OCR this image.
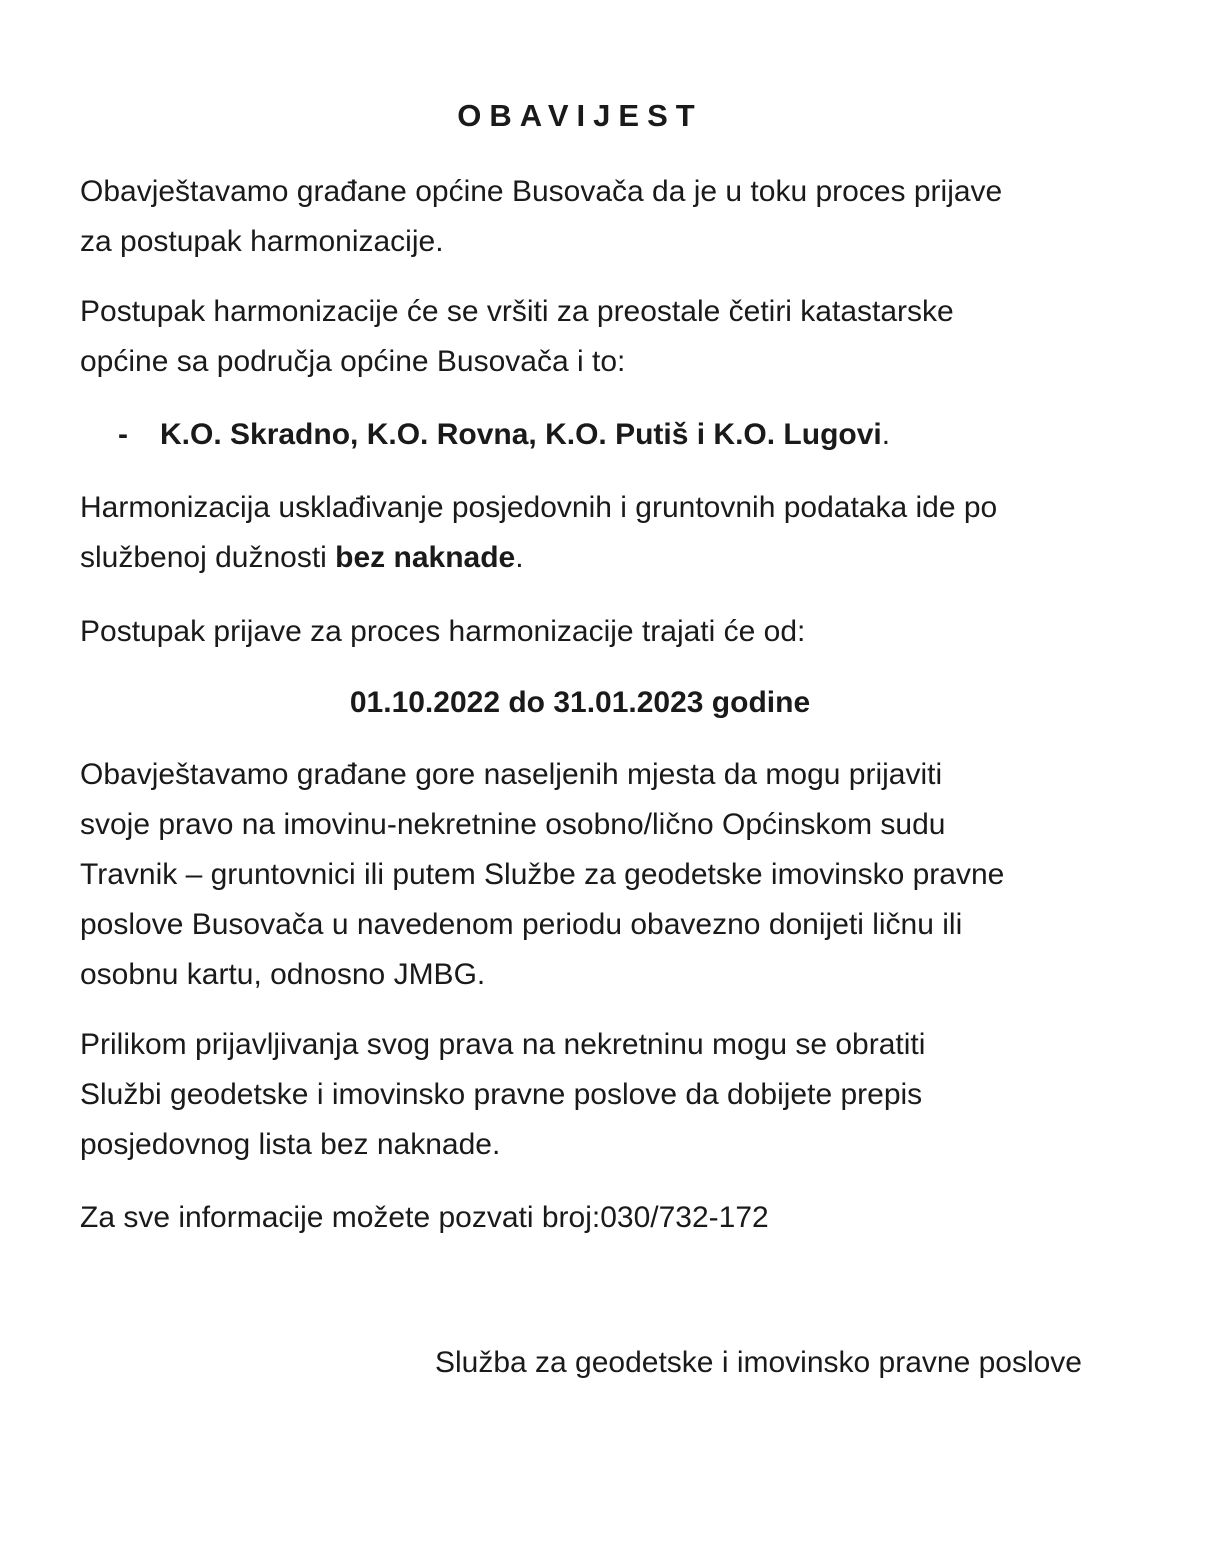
OBAVIJEST
Obavještavamo građane općine Busovača da je u toku proces prijave
za postupak harmonizacije.
Postupak harmonizacije će se vršiti za preostale četiri katastarske
općine sa područja općine Busovača i to:
- K.O. Skradno, K.O. Rovna, K.O. Putiš i K.O. Lugovi.
Harmonizacija usklađivanje posjedovnih i gruntovnih podataka ide po
službenoj dužnosti bez naknade.
Postupak prijave za proces harmonizacije trajati će od:
01.10.2022 do 31.01.2023 godine
Obavještavamo građane gore naseljenih mjesta da mogu prijaviti
svoje pravo na imovinu-nekretnine osobno/lično Općinskom sudu
Travnik – gruntovnici ili putem Službe za geodetske imovinsko pravne
poslove Busovača u navedenom periodu obavezno donijeti ličnu ili
osobnu kartu, odnosno JMBG.
Prilikom prijavljivanja svog prava na nekretninu mogu se obratiti
Službi geodetske i imovinsko pravne poslove da dobijete prepis
posjedovnog lista bez naknade.
Za sve informacije možete pozvati broj:030/732-172
Služba za geodetske i imovinsko pravne poslove
